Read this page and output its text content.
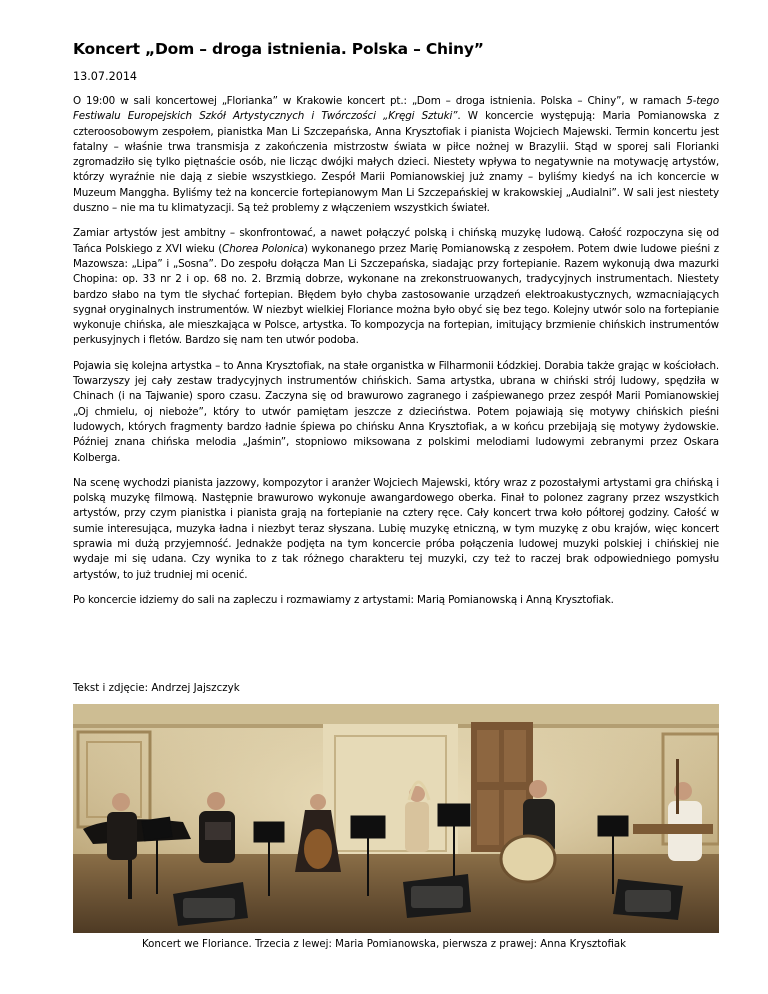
Koncert „Dom – droga istnienia. Polska – Chiny”
13.07.2014

O 19:00 w sali koncertowej „Florianka” w Krakowie koncert pt.: „Dom – droga istnienia. Polska – Chiny”, w ramach 5-tego Festiwalu Europejskich Szkół Artystycznych i Twórczości „Kręgi Sztuki”. W koncercie występują: Maria Pomianowska z czteroosobowym zespołem, pianistka Man Li Szczepańska, Anna Krysztofiak i pianista Wojciech Majewski. Termin koncertu jest fatalny – właśnie trwa transmisja z zakończenia mistrzostw świata w piłce nożnej w Brazylii. Stąd w sporej sali Florianki zgromadziło się tylko piętnaście osób, nie licząc dwójki małych dzieci. Niestety wpływa to negatywnie na motywację artystów, którzy wyraźnie nie dają z siebie wszystkiego. Zespół Marii Pomianowskiej już znamy – byliśmy kiedyś na ich koncercie w Muzeum Manggha. Byliśmy też na koncercie fortepianowym Man Li Szczepańskiej w krakowskiej „Audialni”. W sali jest niestety duszno – nie ma tu klimatyzacji. Są też problemy z włączeniem wszystkich świateł.

Zamiar artystów jest ambitny – skonfrontować, a nawet połączyć polską i chińską muzykę ludową. Całość rozpoczyna się od Tańca Polskiego z XVI wieku (Chorea Polonica) wykonanego przez Marię Pomianowską z zespołem. Potem dwie ludowe pieśni z Mazowsza: „Lipa” i „Sosna”. Do zespołu dołącza Man Li Szczepańska, siadając przy fortepianie. Razem wykonują dwa mazurki Chopina: op. 33 nr 2 i op. 68 no. 2. Brzmią dobrze, wykonane na zrekonstruowanych, tradycyjnych instrumentach. Niestety bardzo słabo na tym tle słychać fortepian. Błędem było chyba zastosowanie urządzeń elektroakustycznych, wzmacniających sygnał oryginalnych instrumentów. W niezbyt wielkiej Floriance można było obyć się bez tego. Kolejny utwór solo na fortepianie wykonuje chińska, ale mieszkająca w Polsce, artystka. To kompozycja na fortepian, imitujący brzmienie chińskich instrumentów perkusyjnych i fletów. Bardzo się nam ten utwór podoba.

Pojawia się kolejna artystka – to Anna Krysztofiak, na stałe organistka w Filharmonii Łódzkiej. Dorabia także grając w kościołach. Towarzyszy jej cały zestaw tradycyjnych instrumentów chińskich. Sama artystka, ubrana w chiński strój ludowy, spędziła w Chinach (i na Tajwanie) sporo czasu. Zaczyna się od brawurowo zagranego i zaśpiewanego przez zespół Marii Pomianowskiej „Oj chmielu, oj nieboże”, który to utwór pamiętam jeszcze z dzieciństwa. Potem pojawiają się motywy chińskich pieśni ludowych, których fragmenty bardzo ładnie śpiewa po chińsku Anna Krysztofiak, a w końcu przebijają się motywy żydowskie. Później znana chińska melodia „Jaśmin”, stopniowo miksowana z polskimi melodiami ludowymi zebranymi przez Oskara Kolberga.

Na scenę wychodzi pianista jazzowy, kompozytor i aranżer Wojciech Majewski, który wraz z pozostałymi artystami gra chińską i polską muzykę filmową. Następnie brawurowo wykonuje awangardowego oberka. Finał to polonez zagrany przez wszystkich artystów, przy czym pianistka i pianista grają na fortepianie na cztery ręce. Cały koncert trwa koło półtorej godziny. Całość w sumie interesująca, muzyka ładna i niezbyt teraz słyszana. Lubię muzykę etniczną, w tym muzykę z obu krajów, więc koncert sprawia mi dużą przyjemność. Jednakże podjęta na tym koncercie próba połączenia ludowej muzyki polskiej i chińskiej nie wydaje mi się udana. Czy wynika to z tak różnego charakteru tej muzyki, czy też to raczej brak odpowiedniego pomysłu artystów, to już trudniej mi ocenić.

Po koncercie idziemy do sali na zapleczu i rozmawiamy z artystami: Marią Pomianowską i Anną Krysztofiak.

Tekst i zdjęcie: Andrzej Jajszczyk
Koncert we Floriance. Trzecia z lewej: Maria Pomianowska, pierwsza z prawej: Anna Krysztofiak
